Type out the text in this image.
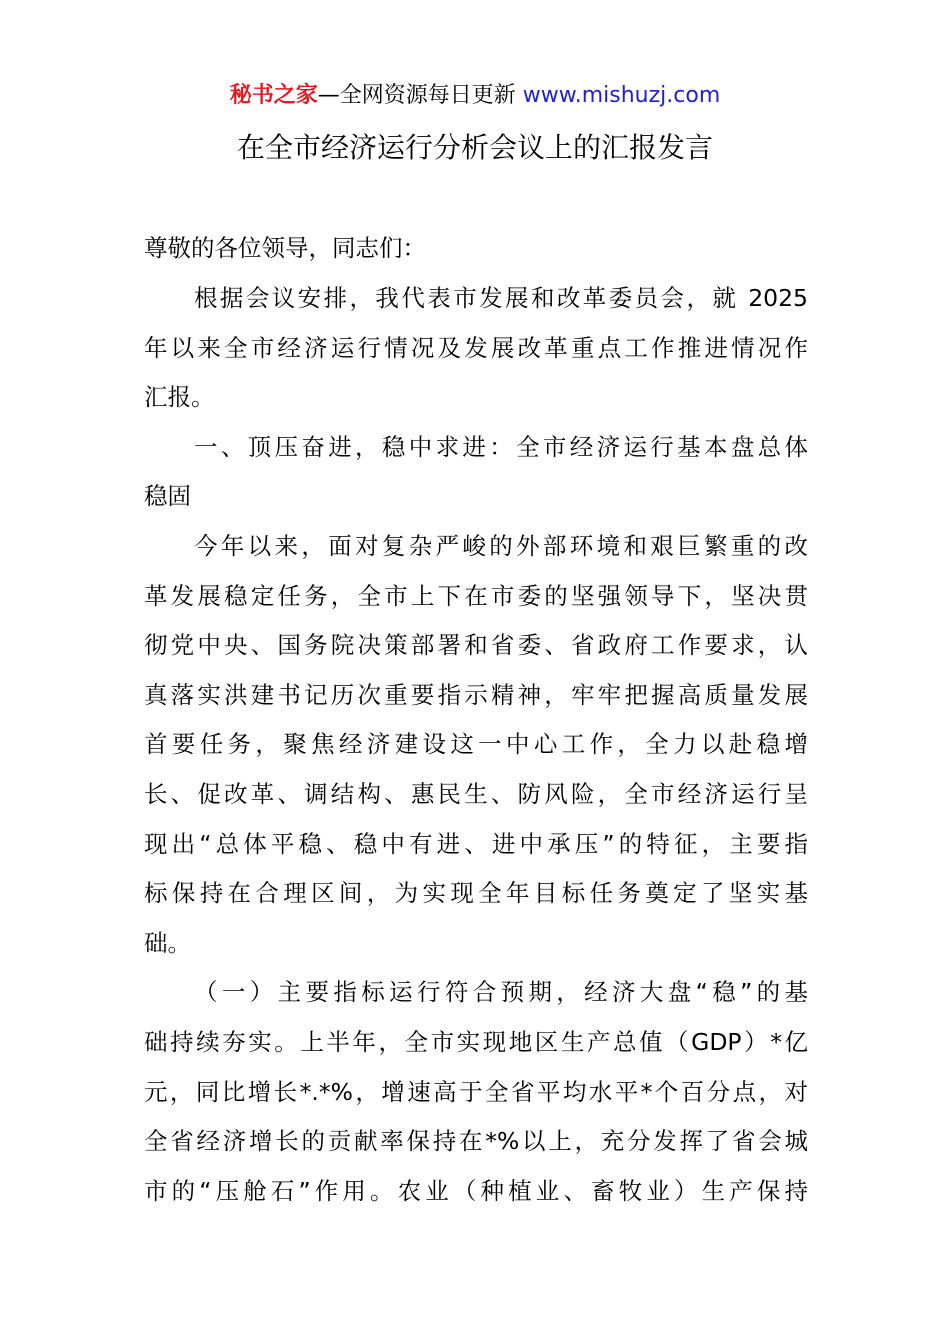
秘书之家—全网资源每日更新 www.mishuzj.com
在全市经济运行分析会议上的汇报发言
尊敬的各位领导，同志们：
根据会议安排，我代表市发展和改革委员会，就 2025
年以来全市经济运行情况及发展改革重点工作推进情况作
汇报。
一、顶压奋进，稳中求进：全市经济运行基本盘总体
稳固
今年以来，面对复杂严峻的外部环境和艰巨繁重的改
革发展稳定任务，全市上下在市委的坚强领导下，坚决贯
彻党中央、国务院决策部署和省委、省政府工作要求，认
真落实洪建书记历次重要指示精神，牢牢把握高质量发展
首要任务，聚焦经济建设这一中心工作，全力以赴稳增
长、促改革、调结构、惠民生、防风险，全市经济运行呈
现出“总体平稳、稳中有进、进中承压”的特征，主要指
标保持在合理区间，为实现全年目标任务奠定了坚实基
础。
（一）主要指标运行符合预期，经济大盘“稳”的基
础持续夯实。上半年，全市实现地区生产总值（GDP）*亿
元，同比增长*.*%，增速高于全省平均水平*个百分点，对
全省经济增长的贡献率保持在*%以上，充分发挥了省会城
市的“压舱石”作用。农业（种植业、畜牧业）生产保持
